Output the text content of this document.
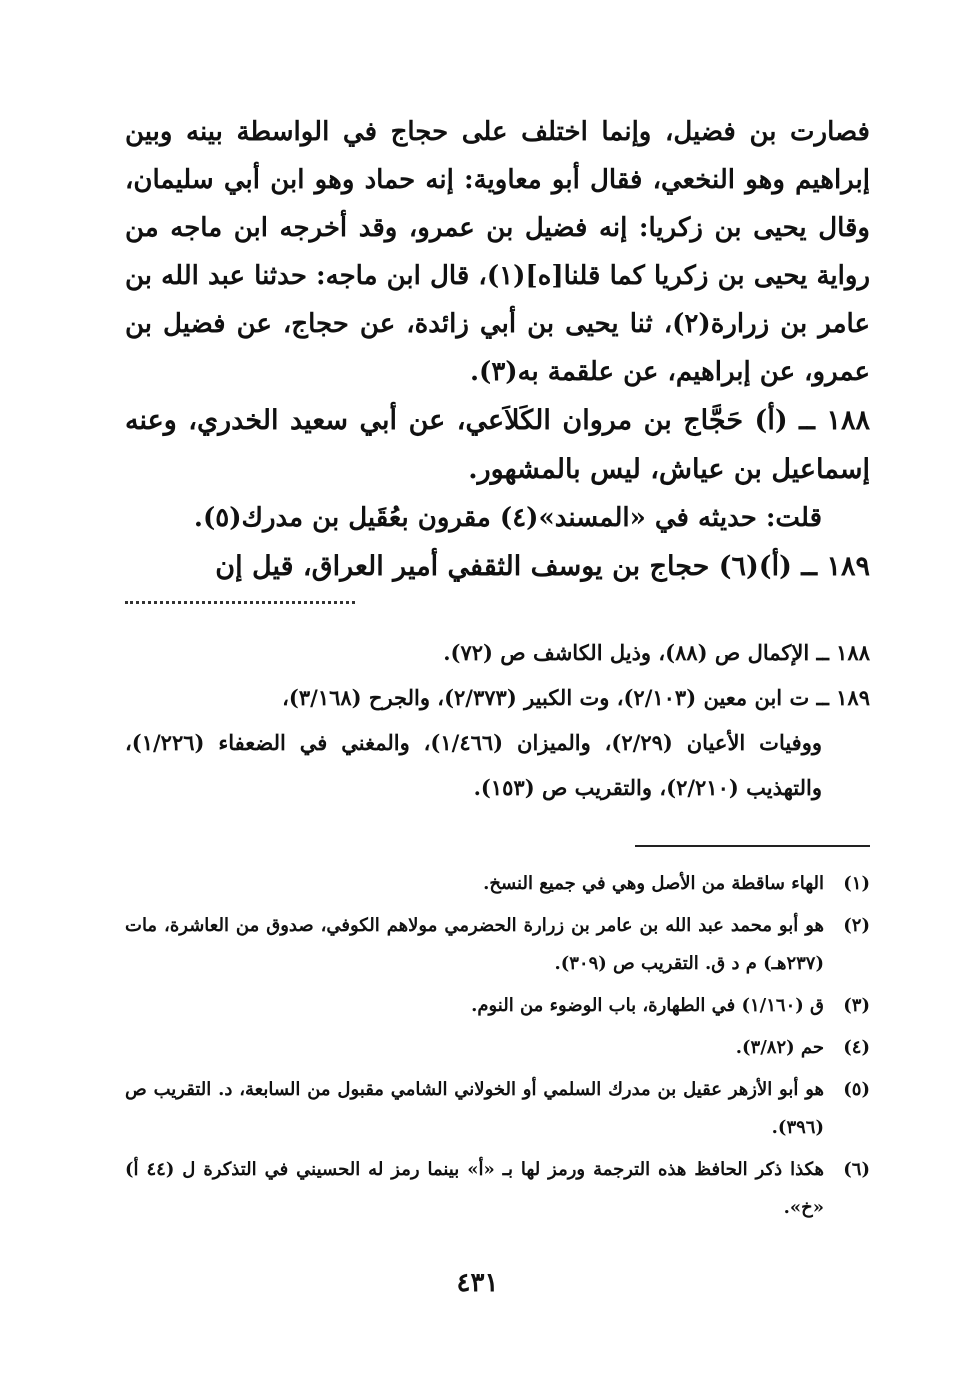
فصارت بن فضيل، وإنما اختلف على حجاج في الواسطة بينه وبين إبراهيم وهو النخعي، فقال أبو معاوية: إنه حماد وهو ابن أبي سليمان، وقال يحيى بن زكريا: إنه فضيل بن عمرو، وقد أخرجه ابن ماجه من رواية يحيى بن زكريا كما قلنا[ه](١)، قال ابن ماجه: حدثنا عبد الله بن عامر بن زرارة(٢)، ثنا يحيى بن أبي زائدة، عن حجاج، عن فضيل بن عمرو، عن إبراهيم، عن علقمة به(٣).

١٨٨ ــ (أ) حَجَّاج بن مروان الكَلاَعي، عن أبي سعيد الخدري، وعنه إسماعيل بن عياش، ليس بالمشهور.

قلت: حديثه في «المسند»(٤) مقرون بعُقَيل بن مدرك(٥).

١٨٩ ــ (أ)(٦) حجاج بن يوسف الثقفي أمير العراق، قيل إن

١٨٨ ــ الإكمال ص (٨٨)، وذيل الكاشف ص (٧٢).

١٨٩ ــ ت ابن معين (٢/١٠٣)، وت الكبير (٢/٣٧٣)، والجرح (٣/١٦٨)،

ووفيات الأعيان (٢/٢٩)، والميزان (١/٤٦٦)، والمغني في الضعفاء (١/٢٢٦)، والتهذيب (٢/٢١٠)، والتقريب ص (١٥٣).

(١)
الهاء ساقطة من الأصل وهي في جميع النسخ.
(٢)
هو أبو محمد عبد الله بن عامر بن زرارة الحضرمي مولاهم الكوفي، صدوق من العاشرة، مات (٢٣٧هـ) م د ق. التقريب ص (٣٠٩).
(٣)
ق (١/١٦٠) في الطهارة، باب الوضوء من النوم.
(٤)
حم (٣/٨٢).
(٥)
هو أبو الأزهر عقيل بن مدرك السلمي أو الخولاني الشامي مقبول من السابعة، د. التقريب ص (٣٩٦).
(٦)
هكذا ذكر الحافظ هذه الترجمة ورمز لها بـ «أ» بينما رمز له الحسيني في التذكرة ل (٤٤ أ) «خ».
٤٣١
